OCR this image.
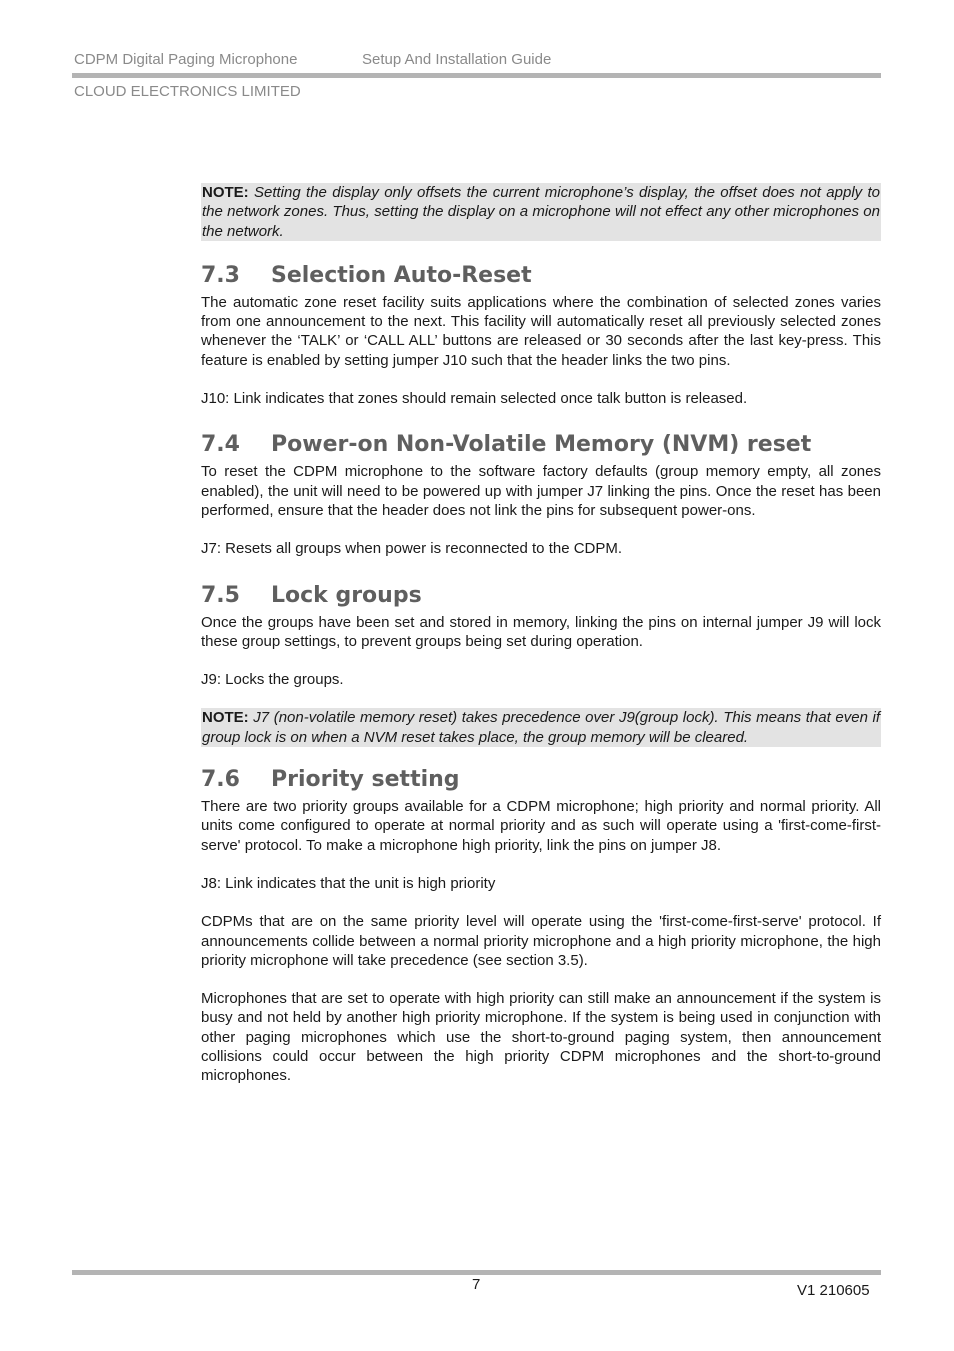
CDPM Digital Paging Microphone	Setup And Installation Guide
CLOUD ELECTRONICS LIMITED

NOTE: Setting the display only offsets the current microphone’s display, the offset does not apply to the network zones. Thus, setting the display on a microphone will not effect any other microphones on the network.

7.3 Selection Auto-Reset

The automatic zone reset facility suits applications where the combination of selected zones varies from one announcement to the next. This facility will automatically reset all previously selected zones whenever the ‘TALK’ or ‘CALL ALL’ buttons are released or 30 seconds after the last key-press. This feature is enabled by setting jumper J10 such that the header links the two pins.

J10: Link indicates that zones should remain selected once talk button is released.

7.4 Power-on Non-Volatile Memory (NVM) reset

To reset the CDPM microphone to the software factory defaults (group memory empty, all zones enabled), the unit will need to be powered up with jumper J7 linking the pins. Once the reset has been performed, ensure that the header does not link the pins for subsequent power-ons.

J7: Resets all groups when power is reconnected to the CDPM.

7.5 Lock groups

Once the groups have been set and stored in memory, linking the pins on internal jumper J9 will lock these group settings, to prevent groups being set during operation.

J9: Locks the groups.

NOTE: J7 (non-volatile memory reset) takes precedence over J9(group lock). This means that even if group lock is on when a NVM reset takes place, the group memory will be cleared.

7.6 Priority setting

There are two priority groups available for a CDPM microphone; high priority and normal priority. All units come configured to operate at normal priority and as such will operate using a 'first-come-first-serve' protocol. To make a microphone high priority, link the pins on jumper J8.

J8: Link indicates that the unit is high priority

CDPMs that are on the same priority level will operate using the 'first-come-first-serve' protocol. If announcements collide between a normal priority microphone and a high priority microphone, the high priority microphone will take precedence (see section 3.5).

Microphones that are set to operate with high priority can still make an announcement if the system is busy and not held by another high priority microphone. If the system is being used in conjunction with other paging microphones which use the short-to-ground paging system, then announcement collisions could occur between the high priority CDPM microphones and the short-to-ground microphones.

7	V1 210605
